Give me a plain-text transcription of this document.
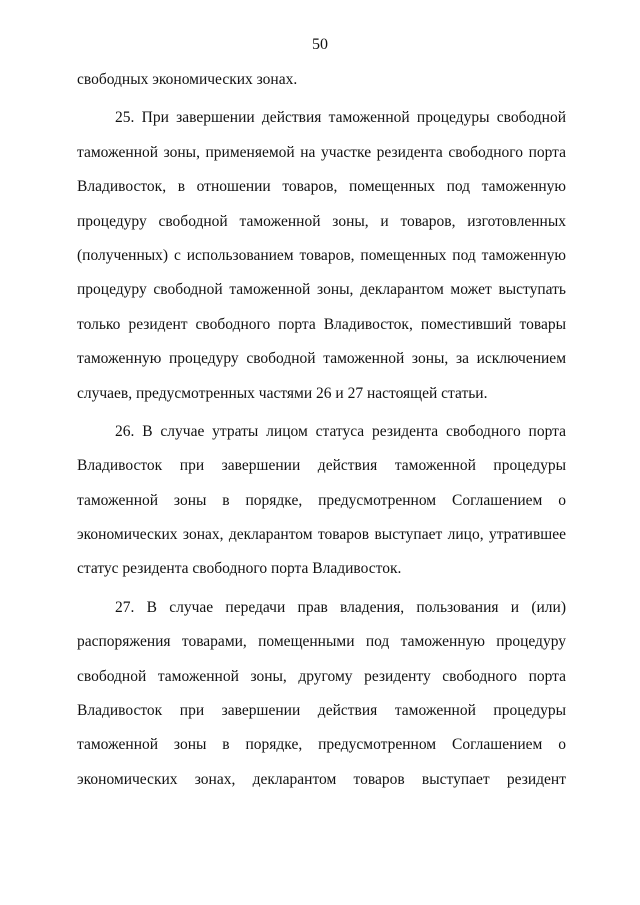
50
свободных экономических зонах.
25. При завершении действия таможенной процедуры свободной
таможенной зоны, применяемой на участке резидента свободного порта
Владивосток, в отношении товаров, помещенных под таможенную
процедуру свободной таможенной зоны, и товаров, изготовленных
(полученных) с использованием товаров, помещенных под таможенную
процедуру свободной таможенной зоны, декларантом может выступать
только резидент свободного порта Владивосток, поместивший товары
таможенную процедуру свободной таможенной зоны, за исключением
случаев, предусмотренных частями 26 и 27 настоящей статьи.
26. В случае утраты лицом статуса резидента свободного порта
Владивосток при завершении действия таможенной процедуры
таможенной зоны в порядке, предусмотренном Соглашением о
экономических зонах, декларантом товаров выступает лицо, утратившее
статус резидента свободного порта Владивосток.
27. В случае передачи прав владения, пользования и (или)
распоряжения товарами, помещенными под таможенную процедуру
свободной таможенной зоны, другому резиденту свободного порта
Владивосток при завершении действия таможенной процедуры
таможенной зоны в порядке, предусмотренном Соглашением о
экономических зонах, декларантом товаров выступает резидент
